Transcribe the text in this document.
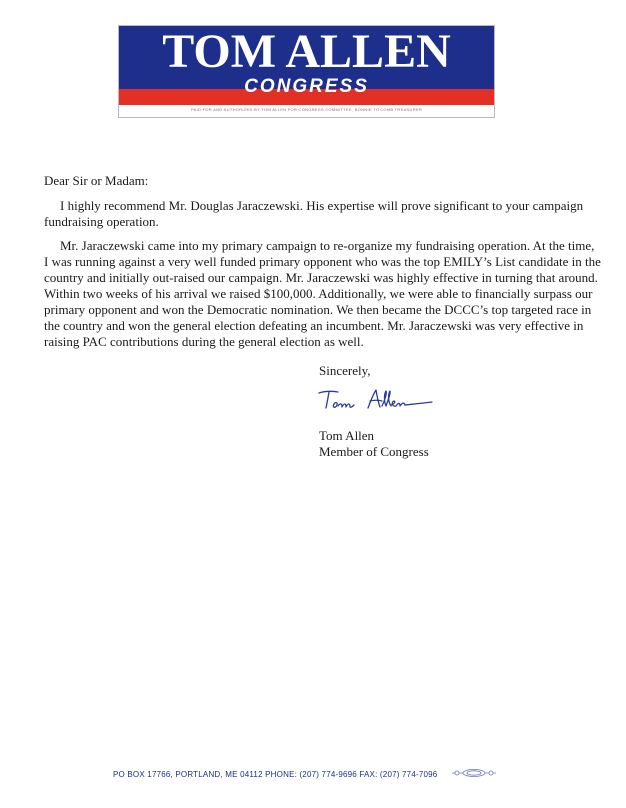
TOM ALLEN
CONGRESS
PAID FOR AND AUTHORIZED BY TOM ALLEN FOR CONGRESS COMMITTEE, BONNIE TITCOMB TREASURER
Dear Sir or Madam:
I highly recommend Mr. Douglas Jaraczewski. His expertise will prove significant to your campaign
fundraising operation.
Mr. Jaraczewski came into my primary campaign to re-organize my fundraising operation. At the time,
I was running against a very well funded primary opponent who was the top EMILY’s List candidate in the
country and initially out-raised our campaign. Mr. Jaraczewski was highly effective in turning that around.
Within two weeks of his arrival we raised $100,000. Additionally, we were able to financially surpass our
primary opponent and won the Democratic nomination. We then became the DCCC’s top targeted race in
the country and won the general election defeating an incumbent. Mr. Jaraczewski was very effective in
raising PAC contributions during the general election as well.
Sincerely,
Tom Allen
Member of Congress
PO BOX 17766, PORTLAND, ME 04112 PHONE: (207) 774-9696 FAX: (207) 774-7096
